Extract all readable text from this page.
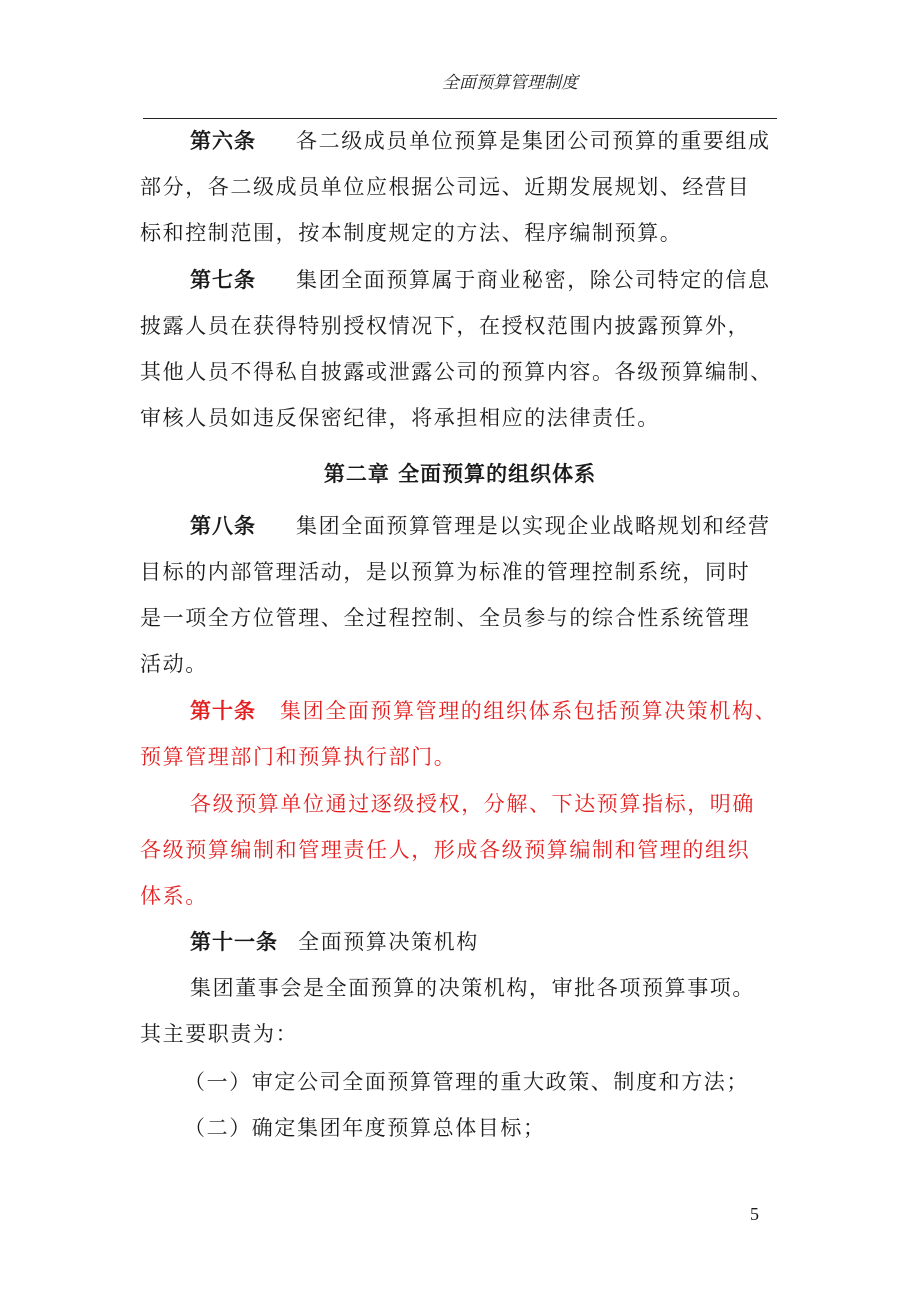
全面预算管理制度
第六条 各二级成员单位预算是集团公司预算的重要组成
部分，各二级成员单位应根据公司远、近期发展规划、经营目
标和控制范围，按本制度规定的方法、程序编制预算。
第七条 集团全面预算属于商业秘密，除公司特定的信息
披露人员在获得特别授权情况下，在授权范围内披露预算外，
其他人员不得私自披露或泄露公司的预算内容。各级预算编制、
审核人员如违反保密纪律，将承担相应的法律责任。
第二章 全面预算的组织体系
第八条 集团全面预算管理是以实现企业战略规划和经营
目标的内部管理活动，是以预算为标准的管理控制系统，同时
是一项全方位管理、全过程控制、全员参与的综合性系统管理
活动。
第十条 集团全面预算管理的组织体系包括预算决策机构、
预算管理部门和预算执行部门。
各级预算单位通过逐级授权，分解、下达预算指标，明确
各级预算编制和管理责任人，形成各级预算编制和管理的组织
体系。
第十一条 全面预算决策机构
集团董事会是全面预算的决策机构，审批各项预算事项。
其主要职责为：
（一）审定公司全面预算管理的重大政策、制度和方法；
（二）确定集团年度预算总体目标；
5
